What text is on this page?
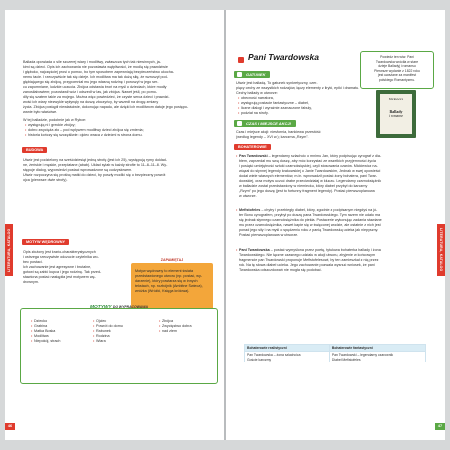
Ballada opowiada o sile szczerej wiary i modlitwy, zwłaszcza tych tak niewinnych, ja-
kimi są dzieci. Opis ich zachowania nie pozostawia wątpliwości, że modlą się prawdziwie
i głęboko, najczęściej prosi o pomoc, bo tym sposobem zapewniają bezpieczeństwo ukocha-
nemu tacie. I rzeczywiście tak się dzieje. Ich modlitwa ma tak dużą siłę, że wzruszył pod-
głębiającego się zbójcę, przypomniał mu jego własną rodzinę i poruszył w jego ser-
cu zapomniane, ludzkie uczucia. Zbójca odstawia broń na myśl o dzieciach, które modły
zanosiłabowiem; pozostawił wóz i odszedł w las, jak zbójca. Nawet jeśli, po pomo-
dlły się szatem takie za mojego. Można więc powiedzieć, że czyste serca dzieci i prawdzi-
wość ich wiary niezwykle wpłynęły na duszę złoczyńcy, by wszedł na drogę zmiany
życia. Zbójca postąpił niewłaściwie, dokonując napadu, ale dzięki ich modlitwom datuje jego postępo-
wanie było właściwe.
W tej balladzie, podobnie jak w Rybce:
• występują ni i greckie zbójcy;
• dobro zwycięża zło – pod wpływem modlitwy dzieci zbójca się zmienia;
• historia kończy się szczęśliwie: ojciec wraca z dziećmi w strona domu.
BUDOWA
Utwór jest podzielony na sześćdziesiąt jedną strofę (jest ich 25), występują rymy dokład-
ne, żeńskie i męskie, przeplatane (abab). Układ sylab w każdy strofie to 11–8–11–8. Wy-
stępuje dialog, wypowiedzi postaci wprowadzone są cudzysłowem.
Utwór rozpoczyna się prośbą matki do dzieci, by poszły modlić się o bezpieczny powrót
ojca (pierwsze dwie strofy).
MOTYW WĘDROWNY
Opis złożony jest krańo-charakterystycznych
i ostrzega rzeczywiste odczucie czytelnika wo-
bec postaci.
Ich zachowanie jest agresywne i brutalne,
gotowi są zabić kupca i jego rodzinę. Tak przed-
stawiona postać nastąpiła jest motywem wę-
drownym.
ZAPAMIĘTAJ
Motyw wędrowny to element świata
przedstawionego utworu (np. postać, wy-
darzenie), który powtarza się w innych
tekstach, np. rozbójnik (Ambitne Świeca),
wróżka (Wróżki, Księga królowa).
MOTYWY DO WYPRACOWANIA
• Dziecko
• Grabina
• Matka Boska
• Modlitwa
• Niepokój, strach
• Ojciec
• Powrót do domu
• Rabunek
• Rodzina
• Wiara
• Zbójca
• Zwycięstwo dobra
• nad złem
LITERATURA, KATALOG
46
Pani Twardowska	Powiedz ten wiw: Pani
Twardowska wróciła w stare
dzieje Balladyj i romansu
Pierwsze wydanie z 1822 roku
jest uważane za manifest
polskiego Romantyzmu.
Ballady
i romanse
Mickiewicz
GATUNEK
Utwór jest balladą. To gatunek synkretyczny, czer-
piący cechy ze wszystkich rodzajów, łączy elementy z liryki, epiki i dramatu.
Cechy ballady w utworze:
• obecność narratora,
• występują postacie fantastyczne – diabeł,
• liczne dialogi i wyraźnie zaznaczone fabuły,
• podział na strofy.
CZAS I MIEJSCE AKCJI
Czas i miejsce akcji: niesfornia, bankiewa przestóść
(według legendy – XVI w.); karczma „Rzym”.
BOHATEROWIE
• Pan Twardowski – legendarny szlachcic o mnimu Jan, który podpisując cyrograf z dia-
błem, zaprzedał mu swą duszę, aby móc korzystać ze wszelkich przyjemności życia
i posiąść umiejętność sztuki czarnoksięskiej, czyli stosowania czarów. Mickiewicz na-
wiązał do słynnej legendy krakowskiej o Janie Twardowskim, Jednak w swej opowieści
dodał wiele własnych elementów, m.in. wprowadził postać żony bohatera, pani Twar-
dowskiej, oraz motyw uczuć drabe przeciwdziałaj w kluczu. Legendarny czarnoksiężnik
w balladzie został przedstawiony w niemiecku, który diabeł przybył do karczmy
„Rzym” po jego duszę (jest to fortunny fragment legendy). Postać pierwszoplanowa
w utworze.
• Mefistofeles – chytry i przebiegły diabeł, który, zgodnie z podpisanym niegdyś na jó-
ter Bonu cyrografem, przybył po duszę pana Twardowskiego. Tym razem nie udało ma
się jednak słynnego czarnoksiężnika do piekła. Postacerie wykonując zadania stawiane
mu przez czarnoksiężnika, nawet kapie się w święconej wodzie, ale ostatnie z nich jest
ponad jego siły i na myśl o spędzeniu roku z panią Twardowską ucieka jak niepyszny.
Postać pierwszoplanowa w utworze.
• Pani Twardowska – postać wymyślona przez poetę, tytułowa bohaterka ballady i żona
Twardowskiego. Nie łączne czasnego udziału w akcji utworu, zbyjenie w końcowym
fragmencie pan Twardowski proponuje Mefistofelesowi, by ten zamieszkał z nią przez
rok. Na tę słowa diabeł ucieka. Jego zachowanie pozwala wysnuć wniosek, że pani
Twardowska odszczdowań nie mogła się podobać.
Bohaterowie realistyczni	Bohaterowie fantastyczni
Pan Twardowska – żona szlachcica	Pan Twardowski – legendarny czarownik
Goście karczmy	Diabeł Mefistofeles
LITERATURA, KATALOG
47
